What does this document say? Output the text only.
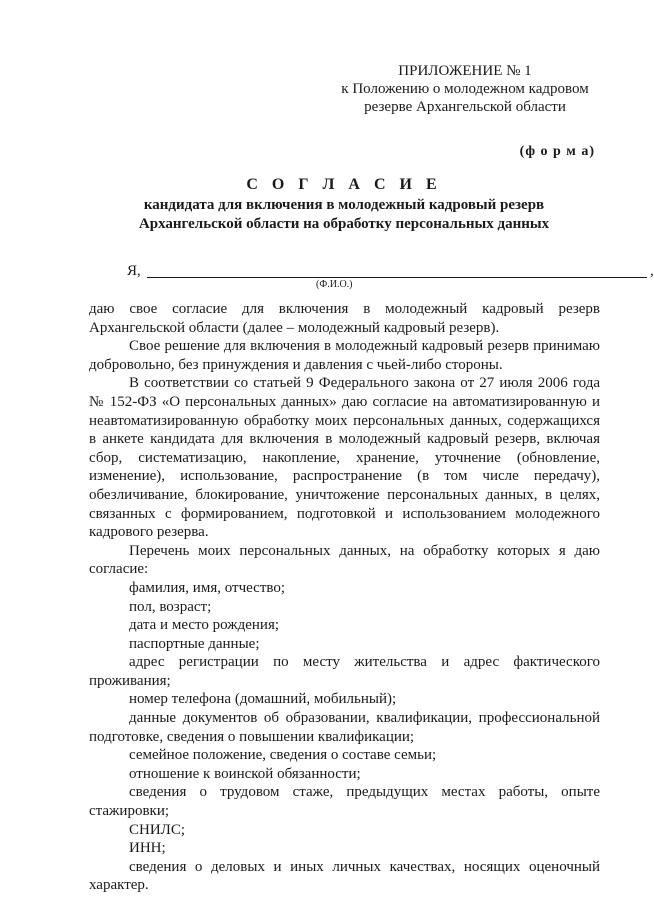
ПРИЛОЖЕНИЕ № 1
к Положению о молодежном кадровом
резерве Архангельской области
(ф о р м а)
С О Г Л А С И Е
кандидата для включения в молодежный кадровый резерв
Архангельской области на обработку персональных данных
Я,	,
(Ф.И.О.)

даю свое согласие для включения в молодежный кадровый резерв Архангельской области (далее – молодежный кадровый резерв).

Свое решение для включения в молодежный кадровый резерв принимаю добровольно, без принуждения и давления с чьей-либо стороны.

В соответствии со статьей 9 Федерального закона от 27 июля 2006 года № 152-ФЗ «О персональных данных» даю согласие на автоматизированную и неавтоматизированную обработку моих персональных данных, содержащихся в анкете кандидата для включения в молодежный кадровый резерв, включая сбор, систематизацию, накопление, хранение, уточнение (обновление, изменение), использование, распространение (в том числе передачу), обезличивание, блокирование, уничтожение персональных данных, в целях, связанных с формированием, подготовкой и использованием молодежного кадрового резерва.

Перечень моих персональных данных, на обработку которых я даю согласие:

фамилия, имя, отчество;

пол, возраст;

дата и место рождения;

паспортные данные;

адрес регистрации по месту жительства и адрес фактического проживания;

номер телефона (домашний, мобильный);

данные документов об образовании, квалификации, профессиональной подготовке, сведения о повышении квалификации;

семейное положение, сведения о составе семьи;

отношение к воинской обязанности;

сведения о трудовом стаже, предыдущих местах работы, опыте стажировки;

СНИЛС;

ИНН;

сведения о деловых и иных личных качествах, носящих оценочный характер.
